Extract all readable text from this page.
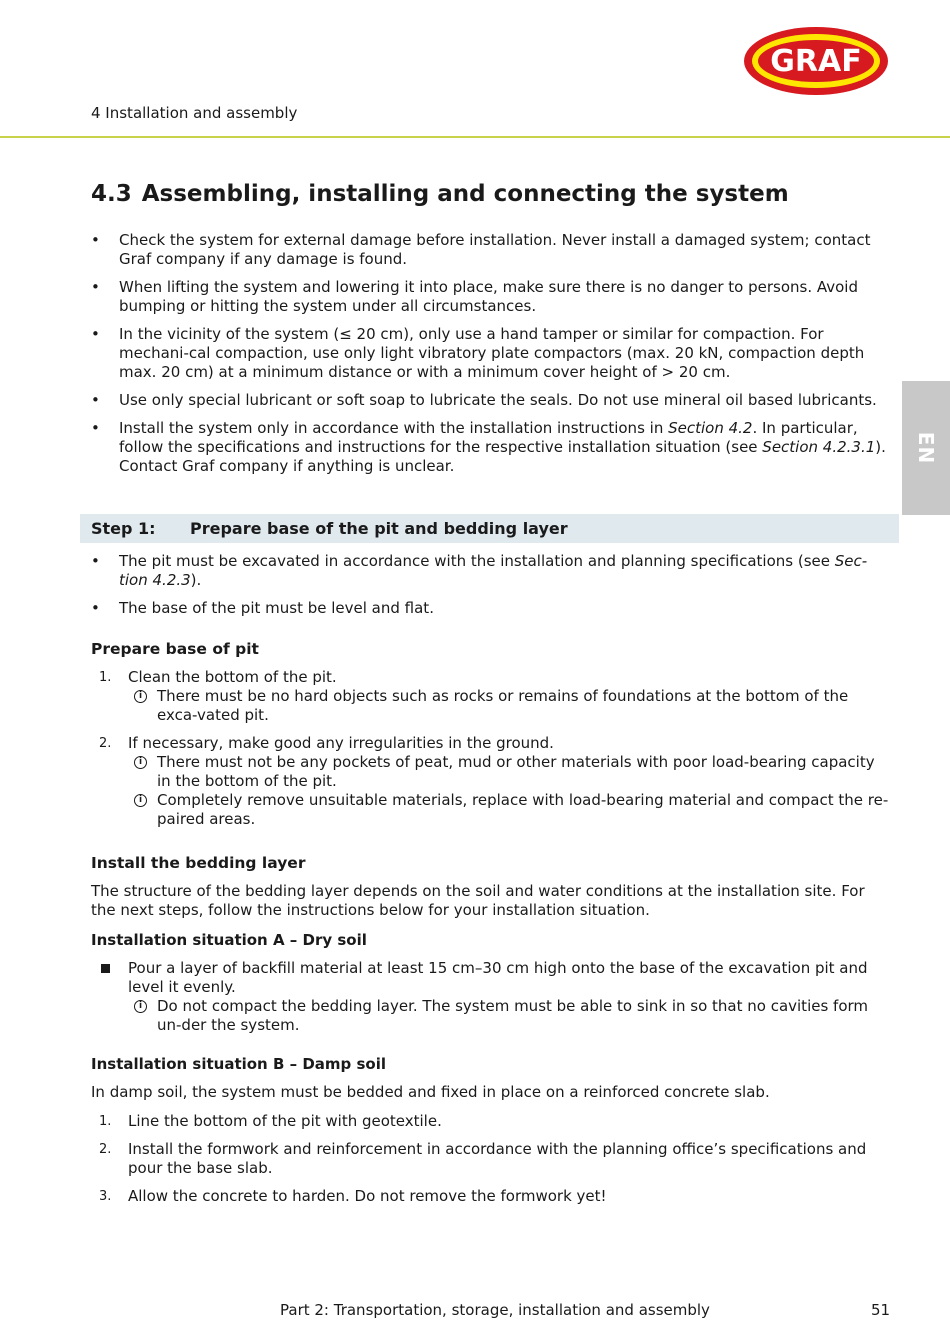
GRAF
4 Installation and assembly
EN
4.3 Assembling, installing and connecting the system
• Check the system for external damage before installation. Never install a damaged system; contact Graf company if any damage is found.
• When lifting the system and lowering it into place, make sure there is no danger to persons. Avoid bumping or hitting the system under all circumstances.
• In the vicinity of the system (≤ 20 cm), only use a hand tamper or similar for compaction. For mechani-cal compaction, use only light vibratory plate compactors (max. 20 kN, compaction depth max. 20 cm) at a minimum distance or with a minimum cover height of > 20 cm.
• Use only special lubricant or soft soap to lubricate the seals. Do not use mineral oil based lubricants.
• Install the system only in accordance with the installation instructions in Section 4.2. In particular, follow the specifications and instructions for the respective installation situation (see Section 4.2.3.1). Contact Graf company if anything is unclear.
Step 1:	Prepare base of the pit and bedding layer
• The pit must be excavated in accordance with the installation and planning specifications (see Sec-tion 4.2.3).
• The base of the pit must be level and flat.
Prepare base of pit
1. Clean the bottom of the pit.
i There must be no hard objects such as rocks or remains of foundations at the bottom of the exca-vated pit.
2. If necessary, make good any irregularities in the ground.
i There must not be any pockets of peat, mud or other materials with poor load-bearing capacity in the bottom of the pit.
i Completely remove unsuitable materials, replace with load-bearing material and compact the re-paired areas.
Install the bedding layer

The structure of the bedding layer depends on the soil and water conditions at the installation site. For the next steps, follow the instructions below for your installation situation.

Installation situation A – Dry soil
Pour a layer of backfill material at least 15 cm–30 cm high onto the base of the excavation pit and level it evenly.
i Do not compact the bedding layer. The system must be able to sink in so that no cavities form un-der the system.
Installation situation B – Damp soil

In damp soil, the system must be bedded and fixed in place on a reinforced concrete slab.

1. Line the bottom of the pit with geotextile.
2. Install the formwork and reinforcement in accordance with the planning office’s specifications and pour the base slab.
3. Allow the concrete to harden. Do not remove the formwork yet!
Part 2: Transportation, storage, installation and assembly	51
